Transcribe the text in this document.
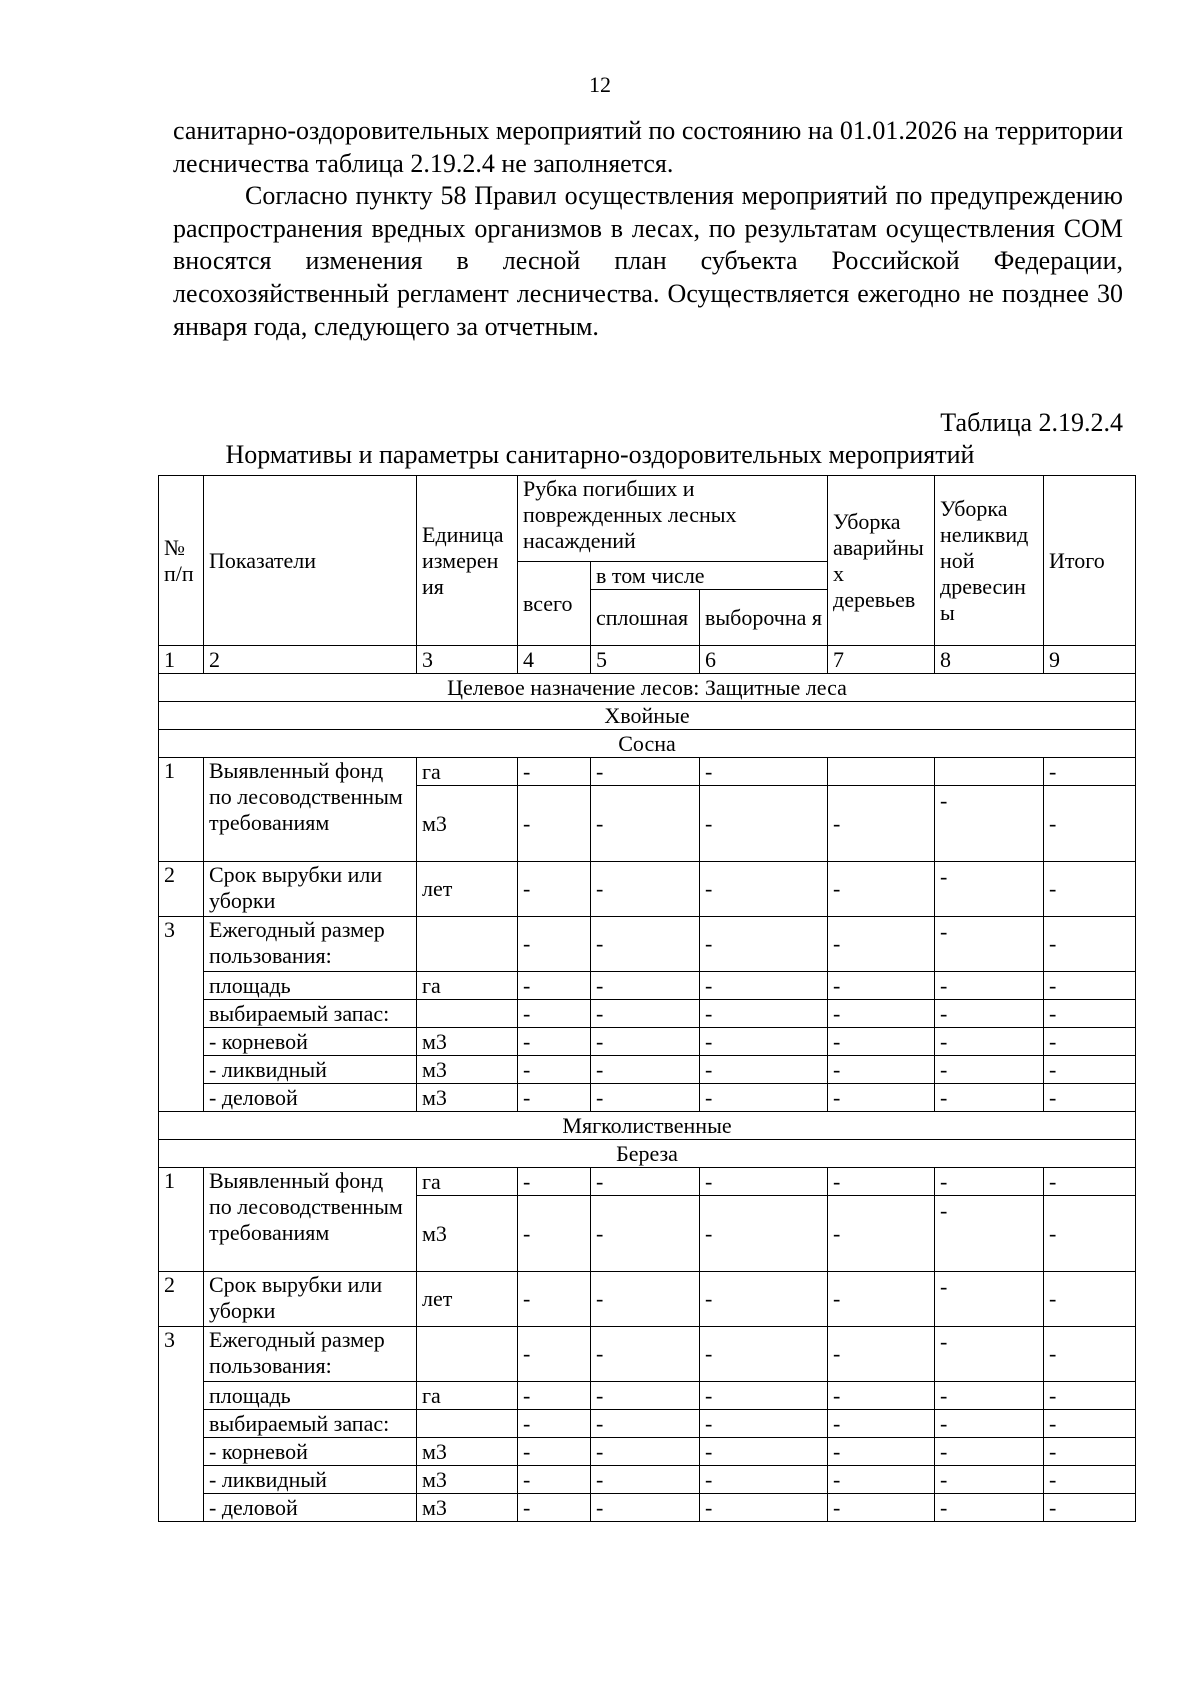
12

санитарно-оздоровительных мероприятий по состоянию на 01.01.2026 на территории лесничества таблица 2.19.2.4 не заполняется.

Согласно пункту 58 Правил осуществления мероприятий по предупреждению распространения вредных организмов в лесах, по результатам осуществления СОМ вносятся изменения в лесной план субъекта Российской Федерации, лесохозяйственный регламент лесничества. Осуществляется ежегодно не позднее 30 января года, следующего за отчетным.

Таблица 2.19.2.4
Нормативы и параметры санитарно-оздоровительных мероприятий
№ п/п	Показатели	Единица измерен ия	Рубка погибших и поврежденных лесных насаждений			Уборка аварийны х деревьев	Уборка неликвид ной древесин ы	Итого
			всего	в том числе				
				сплошная	выборочна я			
1	2	3	4	5	6	7	8	9
Целевое назначение лесов: Защитные леса								
Хвойные								
Сосна								
1	Выявленный фонд по лесоводственным требованиям	га	-	-	-			-
		м3	-	-	-	-	-	-
2	Срок вырубки или уборки	лет	-	-	-	-	-	-
3	Ежегодный размер пользования:		-	-	-	-	-	-
	площадь	га	-	-	-	-	-	-
	выбираемый запас:		-	-	-	-	-	-
	- корневой	м3	-	-	-	-	-	-
	- ликвидный	м3	-	-	-	-	-	-
	- деловой	м3	-	-	-	-	-	-
Мягколиственные								
Береза								
1	Выявленный фонд по лесоводственным требованиям	га	-	-	-	-	-	-
		м3	-	-	-	-	-	-
2	Срок вырубки или уборки	лет	-	-	-	-	-	-
3	Ежегодный размер пользования:		-	-	-	-	-	-
	площадь	га	-	-	-	-	-	-
	выбираемый запас:		-	-	-	-	-	-
	- корневой	м3	-	-	-	-	-	-
	- ликвидный	м3	-	-	-	-	-	-
	- деловой	м3	-	-	-	-	-	-
